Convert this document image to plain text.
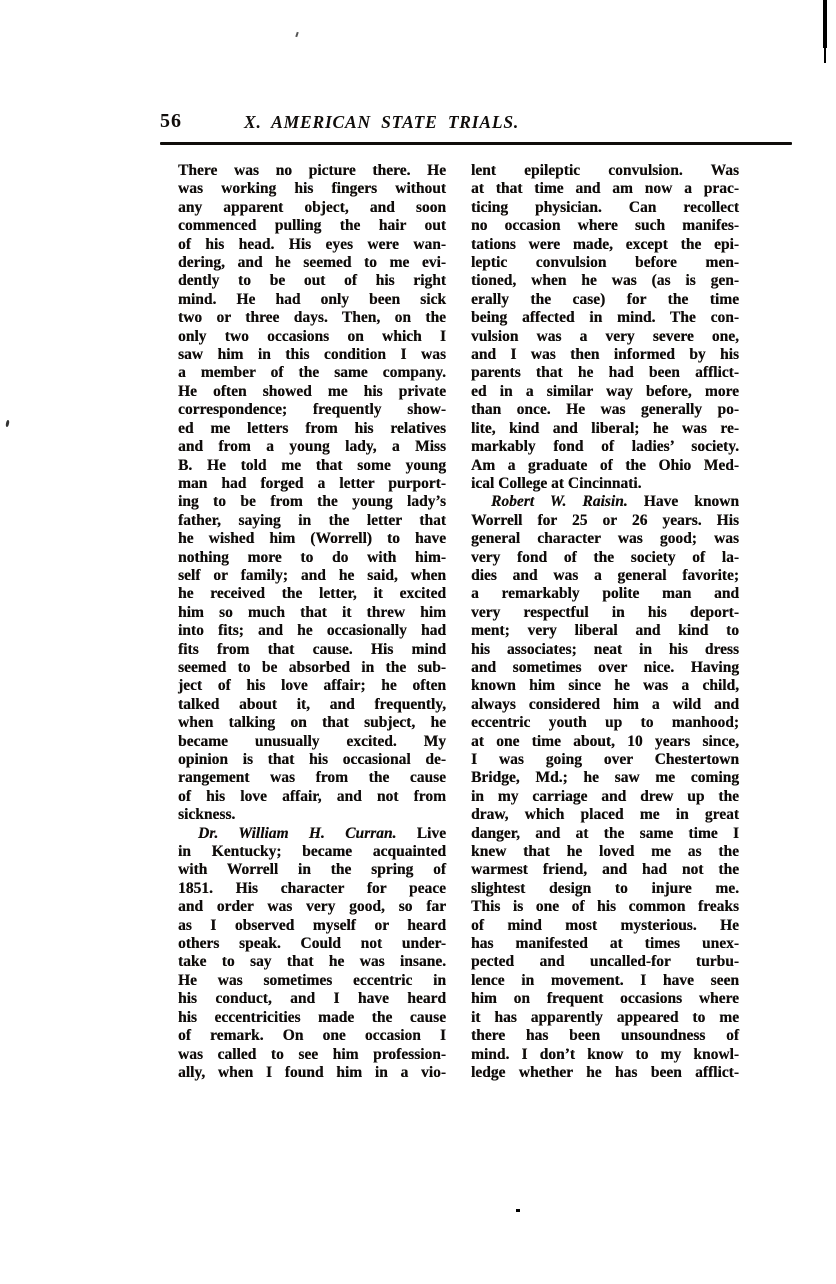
56	X. AMERICAN STATE TRIALS.
There was no picture there. He
was working his fingers without
any apparent object, and soon
commenced pulling the hair out
of his head. His eyes were wan-
dering, and he seemed to me evi-
dently to be out of his right
mind. He had only been sick
two or three days. Then, on the
only two occasions on which I
saw him in this condition I was
a member of the same company.
He often showed me his private
correspondence; frequently show-
ed me letters from his relatives
and from a young lady, a Miss
B. He told me that some young
man had forged a letter purport-
ing to be from the young lady’s
father, saying in the letter that
he wished him (Worrell) to have
nothing more to do with him-
self or family; and he said, when
he received the letter, it excited
him so much that it threw him
into fits; and he occasionally had
fits from that cause. His mind
seemed to be absorbed in the sub-
ject of his love affair; he often
talked about it, and frequently,
when talking on that subject, he
became unusually excited. My
opinion is that his occasional de-
rangement was from the cause
of his love affair, and not from
sickness.
Dr. William H. Curran. Live
in Kentucky; became acquainted
with Worrell in the spring of
1851. His character for peace
and order was very good, so far
as I observed myself or heard
others speak. Could not under-
take to say that he was insane.
He was sometimes eccentric in
his conduct, and I have heard
his eccentricities made the cause
of remark. On one occasion I
was called to see him profession-
ally, when I found him in a vio-
lent epileptic convulsion. Was
at that time and am now a prac-
ticing physician. Can recollect
no occasion where such manifes-
tations were made, except the epi-
leptic convulsion before men-
tioned, when he was (as is gen-
erally the case) for the time
being affected in mind. The con-
vulsion was a very severe one,
and I was then informed by his
parents that he had been afflict-
ed in a similar way before, more
than once. He was generally po-
lite, kind and liberal; he was re-
markably fond of ladies’ society.
Am a graduate of the Ohio Med-
ical College at Cincinnati.
Robert W. Raisin. Have known
Worrell for 25 or 26 years. His
general character was good; was
very fond of the society of la-
dies and was a general favorite;
a remarkably polite man and
very respectful in his deport-
ment; very liberal and kind to
his associates; neat in his dress
and sometimes over nice. Having
known him since he was a child,
always considered him a wild and
eccentric youth up to manhood;
at one time about, 10 years since,
I was going over Chestertown
Bridge, Md.; he saw me coming
in my carriage and drew up the
draw, which placed me in great
danger, and at the same time I
knew that he loved me as the
warmest friend, and had not the
slightest design to injure me.
This is one of his common freaks
of mind most mysterious. He
has manifested at times unex-
pected and uncalled-for turbu-
lence in movement. I have seen
him on frequent occasions where
it has apparently appeared to me
there has been unsoundness of
mind. I don’t know to my knowl-
ledge whether he has been afflict-
